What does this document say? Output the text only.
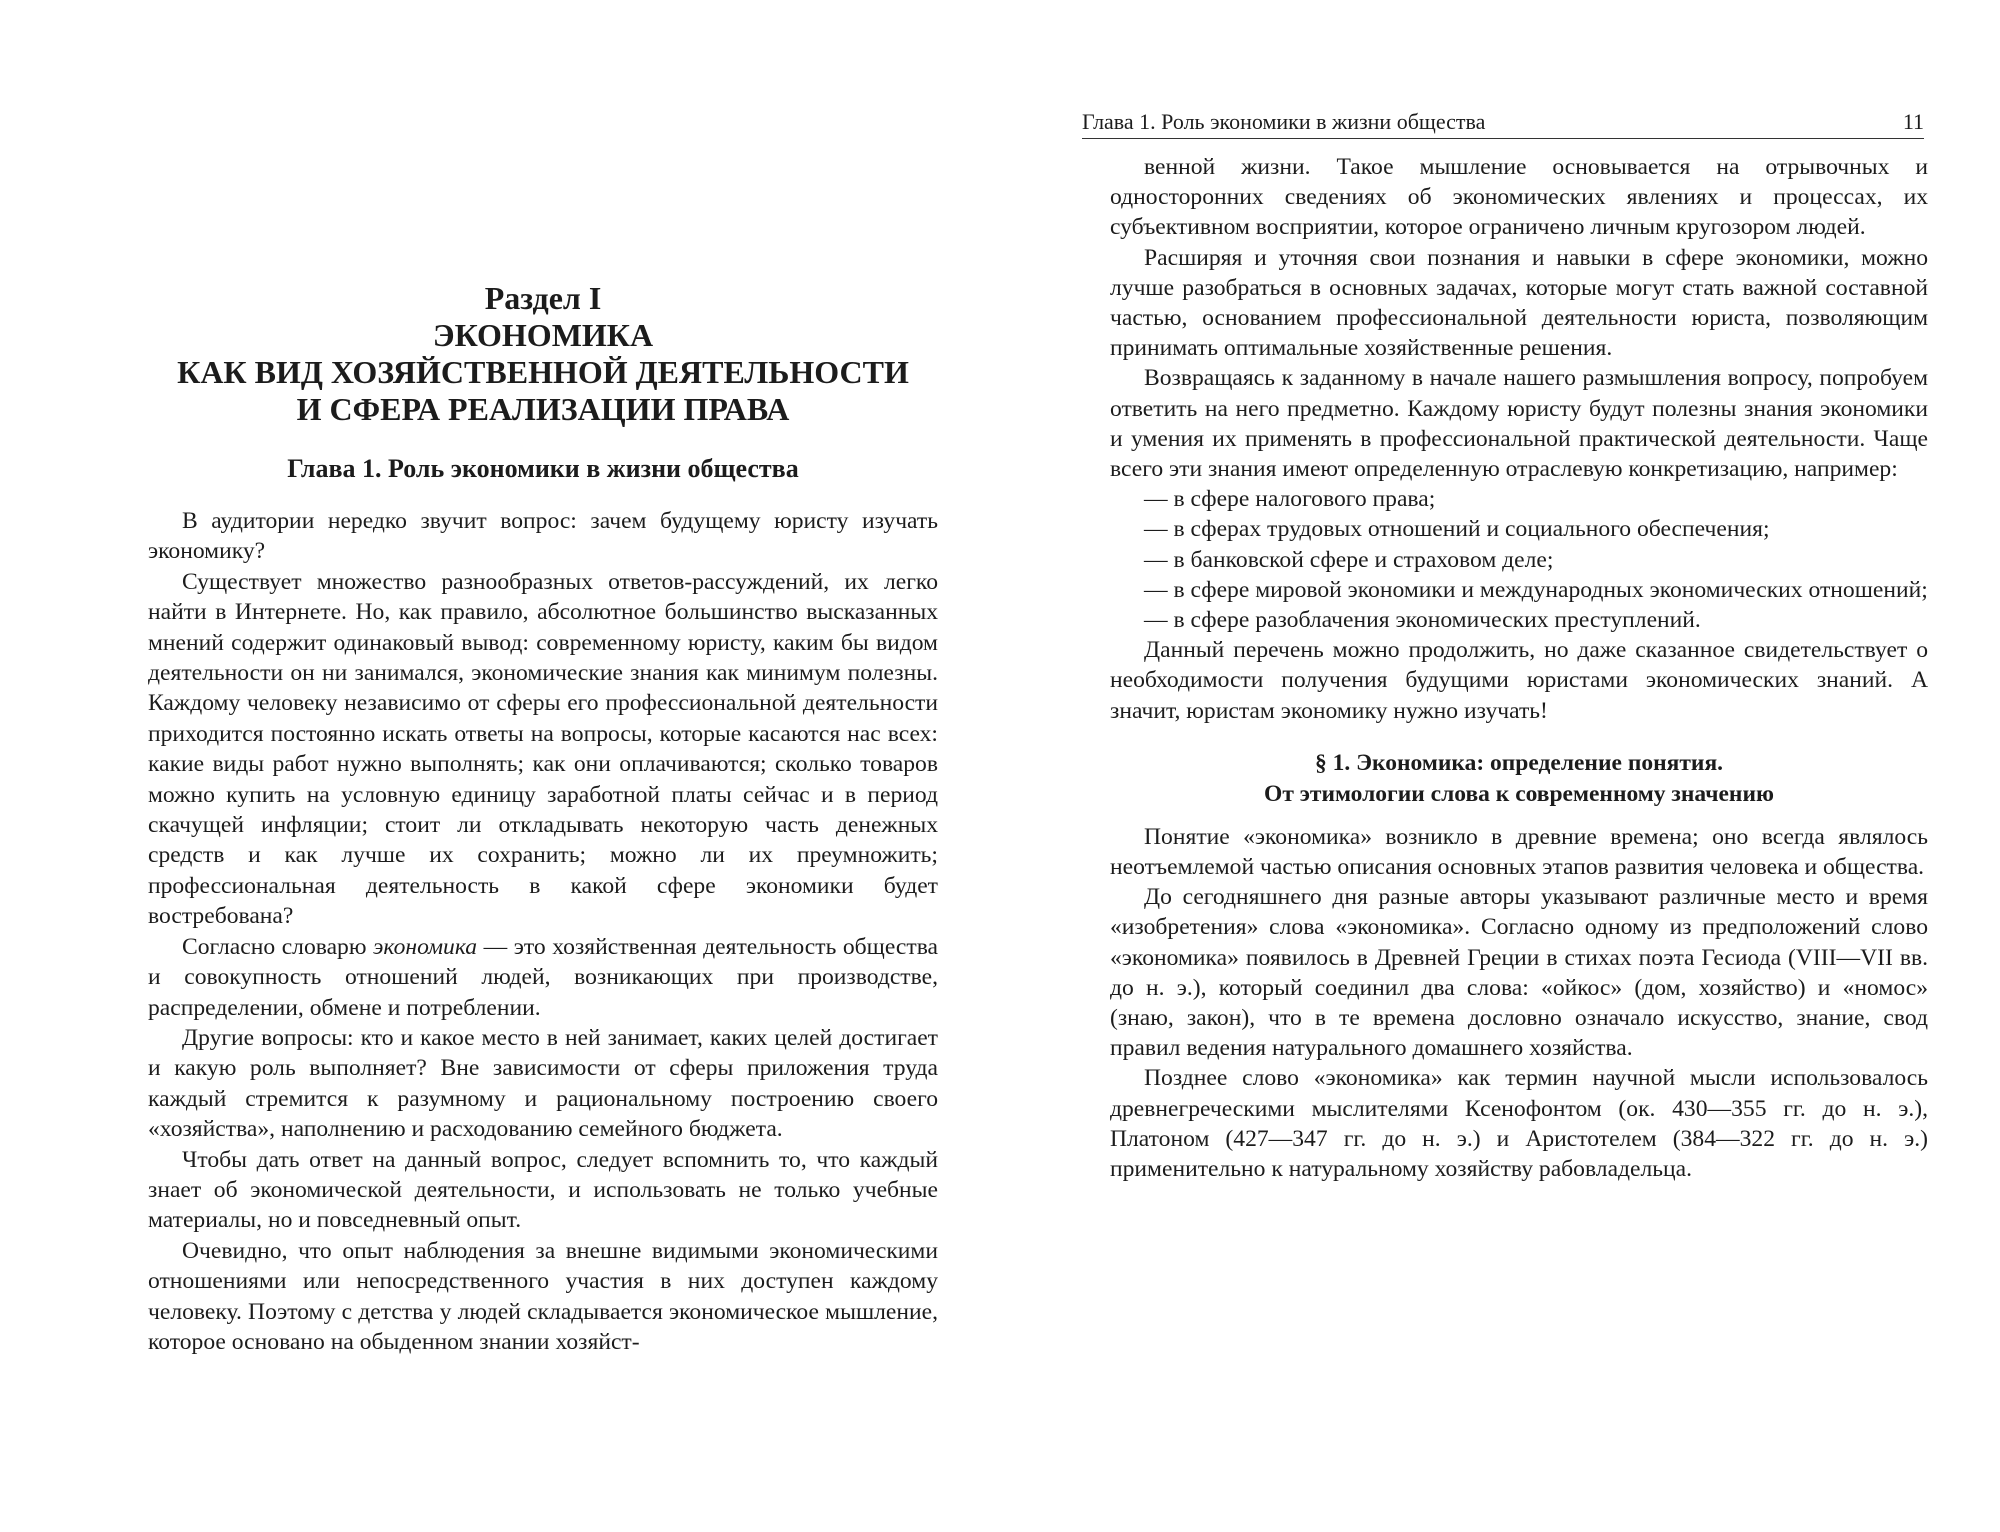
Раздел I
ЭКОНОМИКА
КАК ВИД ХОЗЯЙСТВЕННОЙ ДЕЯТЕЛЬНОСТИ
И СФЕРА РЕАЛИЗАЦИИ ПРАВА
Глава 1. Роль экономики в жизни общества

В аудитории нередко звучит вопрос: зачем будущему юристу изучать экономику?

Существует множество разнообразных ответов-рассуждений, их легко найти в Интернете. Но, как правило, абсолютное большинство высказанных мнений содержит одинаковый вывод: современному юристу, каким бы видом деятельности он ни занимался, экономические знания как минимум полезны. Каждому человеку независимо от сферы его профессиональной деятельности приходится постоянно искать ответы на вопросы, которые касаются нас всех: какие виды работ нужно выполнять; как они оплачиваются; сколько товаров можно купить на условную единицу заработной платы сейчас и в период скачущей инфляции; стоит ли откладывать некоторую часть денежных средств и как лучше их сохранить; можно ли их преумножить; профессиональная деятельность в какой сфере экономики будет востребована?

Согласно словарю экономика — это хозяйственная деятельность общества и совокупность отношений людей, возникающих при производстве, распределении, обмене и потреблении.

Другие вопросы: кто и какое место в ней занимает, каких целей достигает и какую роль выполняет? Вне зависимости от сферы приложения труда каждый стремится к разумному и рациональному построению своего «хозяйства», наполнению и расходованию семейного бюджета.

Чтобы дать ответ на данный вопрос, следует вспомнить то, что каждый знает об экономической деятельности, и использовать не только учебные материалы, но и повседневный опыт.

Очевидно, что опыт наблюдения за внешне видимыми экономическими отношениями или непосредственного участия в них доступен каждому человеку. Поэтому с детства у людей складывается экономическое мышление, которое основано на обыденном знании хозяйст-

Глава 1. Роль экономики в жизни общества	11

венной жизни. Такое мышление основывается на отрывочных и односторонних сведениях об экономических явлениях и процессах, их субъективном восприятии, которое ограничено личным кругозором людей.

Расширяя и уточняя свои познания и навыки в сфере экономики, можно лучше разобраться в основных задачах, которые могут стать важной составной частью, основанием профессиональной деятельности юриста, позволяющим принимать оптимальные хозяйственные решения.

Возвращаясь к заданному в начале нашего размышления вопросу, попробуем ответить на него предметно. Каждому юристу будут полезны знания экономики и умения их применять в профессиональной практической деятельности. Чаще всего эти знания имеют определенную отраслевую конкретизацию, например:

— в сфере налогового права;

— в сферах трудовых отношений и социального обеспечения;

— в банковской сфере и страховом деле;

— в сфере мировой экономики и международных экономических отношений;

— в сфере разоблачения экономических преступлений.

Данный перечень можно продолжить, но даже сказанное свидетельствует о необходимости получения будущими юристами экономических знаний. А значит, юристам экономику нужно изучать!

§ 1. Экономика: определение понятия.
От этимологии слова к современному значению

Понятие «экономика» возникло в древние времена; оно всегда являлось неотъемлемой частью описания основных этапов развития человека и общества.

До сегодняшнего дня разные авторы указывают различные место и время «изобретения» слова «экономика». Согласно одному из предположений слово «экономика» появилось в Древней Греции в стихах поэта Гесиода (VIII—VII вв. до н. э.), который соединил два слова: «ойкос» (дом, хозяйство) и «номос» (знаю, закон), что в те времена дословно означало искусство, знание, свод правил ведения натурального домашнего хозяйства.

Позднее слово «экономика» как термин научной мысли использовалось древнегреческими мыслителями Ксенофонтом (ок. 430—355 гг. до н. э.), Платоном (427—347 гг. до н. э.) и Аристотелем (384—322 гг. до н. э.) применительно к натуральному хозяйству рабовладельца.
